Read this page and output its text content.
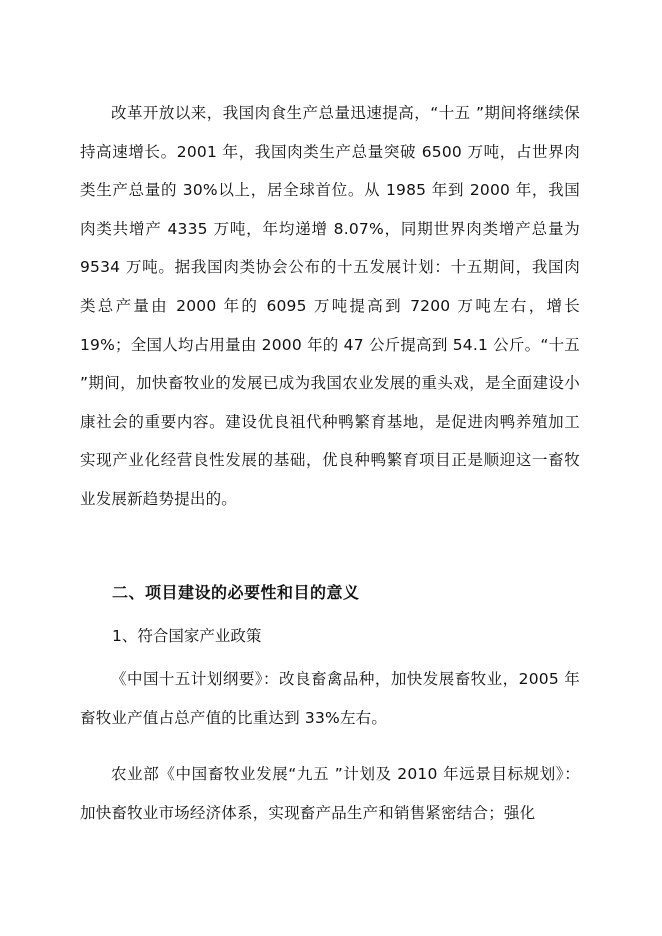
改革开放以来，我国肉食生产总量迅速提高，“十五 ”期间将继续保持高速增长。2001 年，我国肉类生产总量突破 6500 万吨，占世界肉类生产总量的 30%以上，居全球首位。从 1985 年到 2000 年，我国肉类共增产 4335 万吨，年均递增 8.07%，同期世界肉类增产总量为9534 万吨。据我国肉类协会公布的十五发展计划：十五期间，我国肉类总产量由 2000 年的 6095 万吨提高到 7200 万吨左右，增长 19%；全国人均占用量由 2000 年的 47 公斤提高到 54.1 公斤。“十五 ”期间，加快畜牧业的发展已成为我国农业发展的重头戏，是全面建设小康社会的重要内容。建设优良祖代种鸭繁育基地，是促进肉鸭养殖加工实现产业化经营良性发展的基础，优良种鸭繁育项目正是顺迎这一畜牧业发展新趋势提出的。

二、项目建设的必要性和目的意义
1、符合国家产业政策

《中国十五计划纲要》：改良畜禽品种，加快发展畜牧业，2005 年畜牧业产值占总产值的比重达到 33%左右。

农业部《中国畜牧业发展“九五 ”计划及 2010 年远景目标规划》：加快畜牧业市场经济体系，实现畜产品生产和销售紧密结合；强化
